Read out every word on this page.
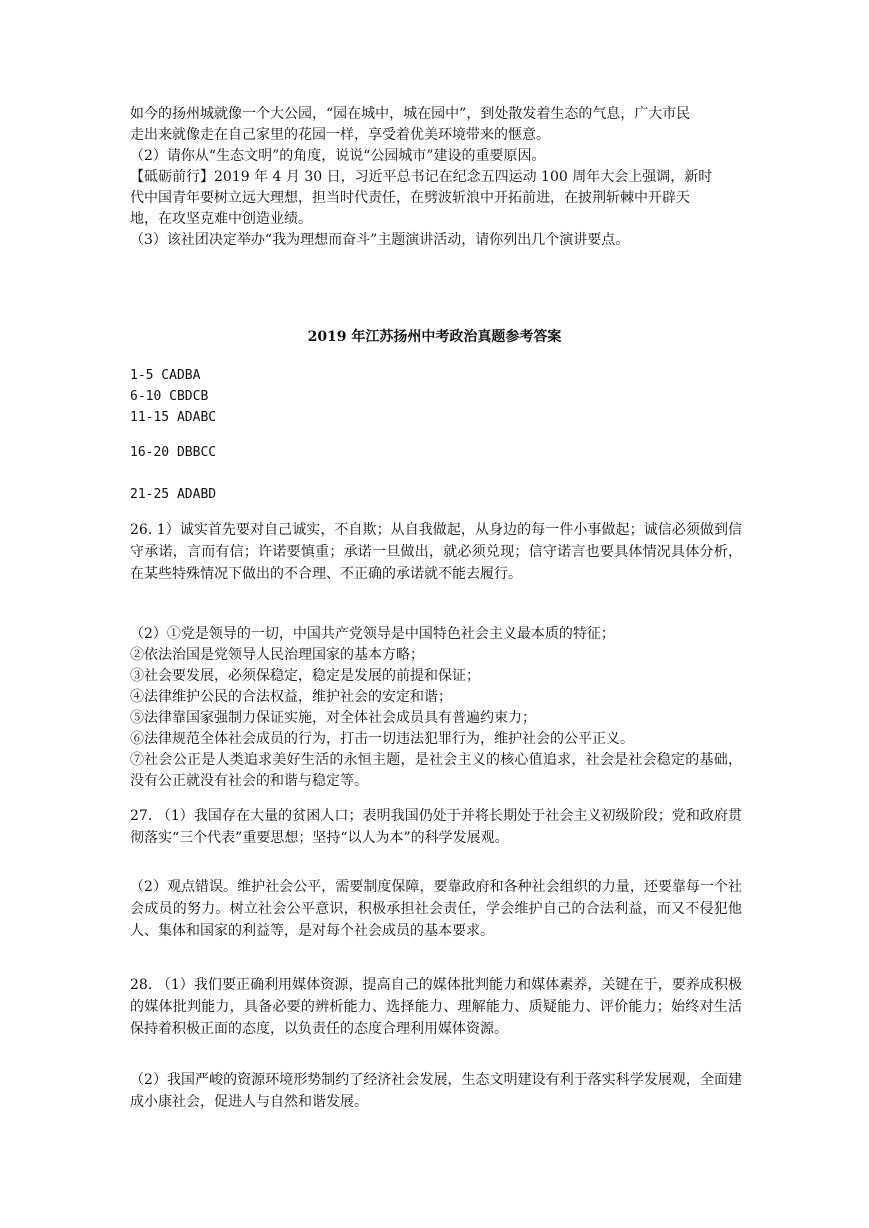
如今的扬州城就像一个大公园，“园在城中，城在园中”，到处散发着生态的气息，广大市民

走出来就像走在自己家里的花园一样，享受着优美环境带来的惬意。

（2）请你从“生态文明”的角度，说说“公园城市”建设的重要原因。

【砥砺前行】2019 年 4 月 30 日，习近平总书记在纪念五四运动 100 周年大会上强调，新时

代中国青年要树立远大理想，担当时代责任，在劈波斩浪中开拓前进，在披荆斩棘中开辟天

地，在攻坚克难中创造业绩。

（3）该社团决定举办“我为理想而奋斗”主题演讲活动，请你列出几个演讲要点。

2019 年江苏扬州中考政治真题参考答案

1-5 CADBA

6-10 CBDCB

11-15 ADABC

16-20 DBBCC

21-25 ADABD

26. 1）诚实首先要对自己诚实，不自欺；从自我做起，从身边的每一件小事做起；诚信必须做到信守承诺，言而有信；许诺要慎重；承诺一旦做出，就必须兑现；信守诺言也要具体情况具体分析，在某些特殊情况下做出的不合理、不正确的承诺就不能去履行。

（2）①党是领导的一切，中国共产党领导是中国特色社会主义最本质的特征；

②依法治国是党领导人民治理国家的基本方略；

③社会要发展，必须保稳定，稳定是发展的前提和保证；

④法律维护公民的合法权益，维护社会的安定和谐；

⑤法律靠国家强制力保证实施，对全体社会成员具有普遍约束力；

⑥法律规范全体社会成员的行为，打击一切违法犯罪行为，维护社会的公平正义。

⑦社会公正是人类追求美好生活的永恒主题，是社会主义的核心值追求，社会是社会稳定的基础，没有公正就没有社会的和谐与稳定等。

27. （1）我国存在大量的贫困人口；表明我国仍处于并将长期处于社会主义初级阶段；党和政府贯彻落实“三个代表”重要思想；坚持“以人为本”的科学发展观。

（2）观点错误。维护社会公平，需要制度保障，要靠政府和各种社会组织的力量，还要靠每一个社会成员的努力。树立社会公平意识，积极承担社会责任，学会维护自己的合法利益，而又不侵犯他人、集体和国家的利益等，是对每个社会成员的基本要求。

28. （1）我们要正确利用媒体资源，提高自己的媒体批判能力和媒体素养，关键在于，要养成积极的媒体批判能力，具备必要的辨析能力、选择能力、理解能力、质疑能力、评价能力；始终对生活保持着积极正面的态度，以负责任的态度合理利用媒体资源。

（2）我国严峻的资源环境形势制约了经济社会发展，生态文明建设有利于落实科学发展观，全面建成小康社会，促进人与自然和谐发展。
